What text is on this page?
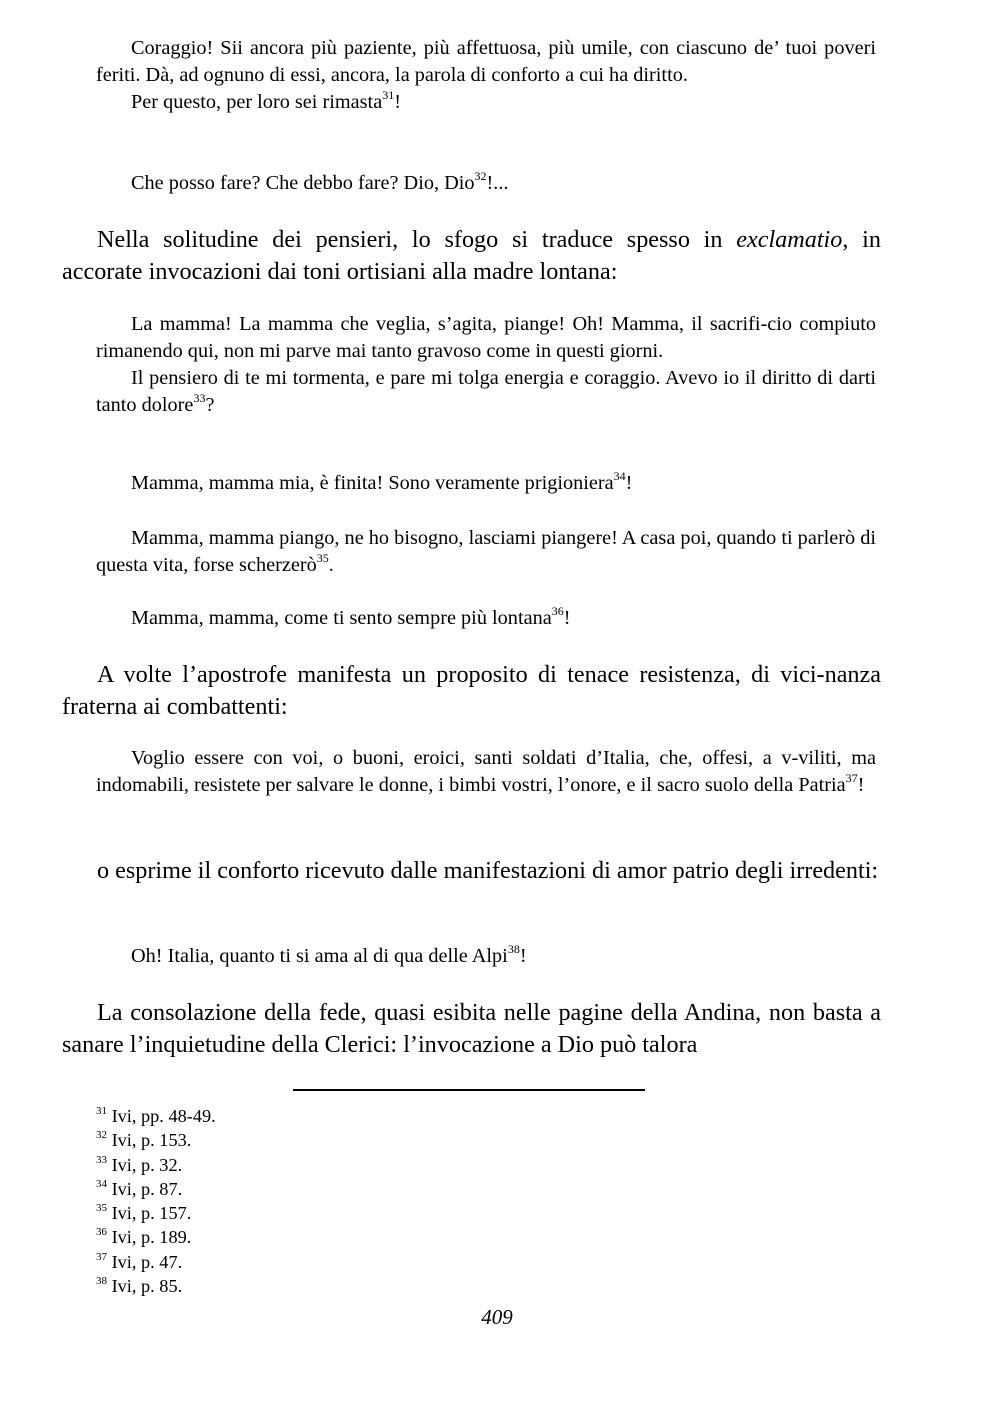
Coraggio! Sii ancora più paziente, più affettuosa, più umile, con ciascuno de’ tuoi poveri feriti. Dà, ad ognuno di essi, ancora, la parola di conforto a cui ha diritto.

Per questo, per loro sei rimasta$^{31}$!

Che posso fare? Che debbo fare? Dio, Dio$^{32}$!...

Nella solitudine dei pensieri, lo sfogo si traduce spesso in exclamatio, in accorate invocazioni dai toni ortisiani alla madre lontana:

La mamma! La mamma che veglia, s’agita, piange! Oh! Mamma, il sacrifi-cio compiuto rimanendo qui, non mi parve mai tanto gravoso come in questi giorni.

Il pensiero di te mi tormenta, e pare mi tolga energia e coraggio. Avevo io il diritto di darti tanto dolore$^{33}$?

Mamma, mamma mia, è finita! Sono veramente prigioniera$^{34}$!

Mamma, mamma piango, ne ho bisogno, lasciami piangere! A casa poi, quando ti parlerò di questa vita, forse scherzerò$^{35}$.

Mamma, mamma, come ti sento sempre più lontana$^{36}$!

A volte l’apostrofe manifesta un proposito di tenace resistenza, di vici-nanza fraterna ai combattenti:

Voglio essere con voi, o buoni, eroici, santi soldati d’Italia, che, offesi, a v-viliti, ma indomabili, resistete per salvare le donne, i bimbi vostri, l’onore, e il sacro suolo della Patria$^{37}$!

o esprime il conforto ricevuto dalle manifestazioni di amor patrio degli irredenti:

Oh! Italia, quanto ti si ama al di qua delle Alpi$^{38}$!

La consolazione della fede, quasi esibita nelle pagine della Andina, non basta a sanare l’inquietudine della Clerici: l’invocazione a Dio può talora

$^{31}$ Ivi, pp. 48-49.
$^{32}$ Ivi, p. 153.
$^{33}$ Ivi, p. 32.
$^{34}$ Ivi, p. 87.
$^{35}$ Ivi, p. 157.
$^{36}$ Ivi, p. 189.
$^{37}$ Ivi, p. 47.
$^{38}$ Ivi, p. 85.
409
